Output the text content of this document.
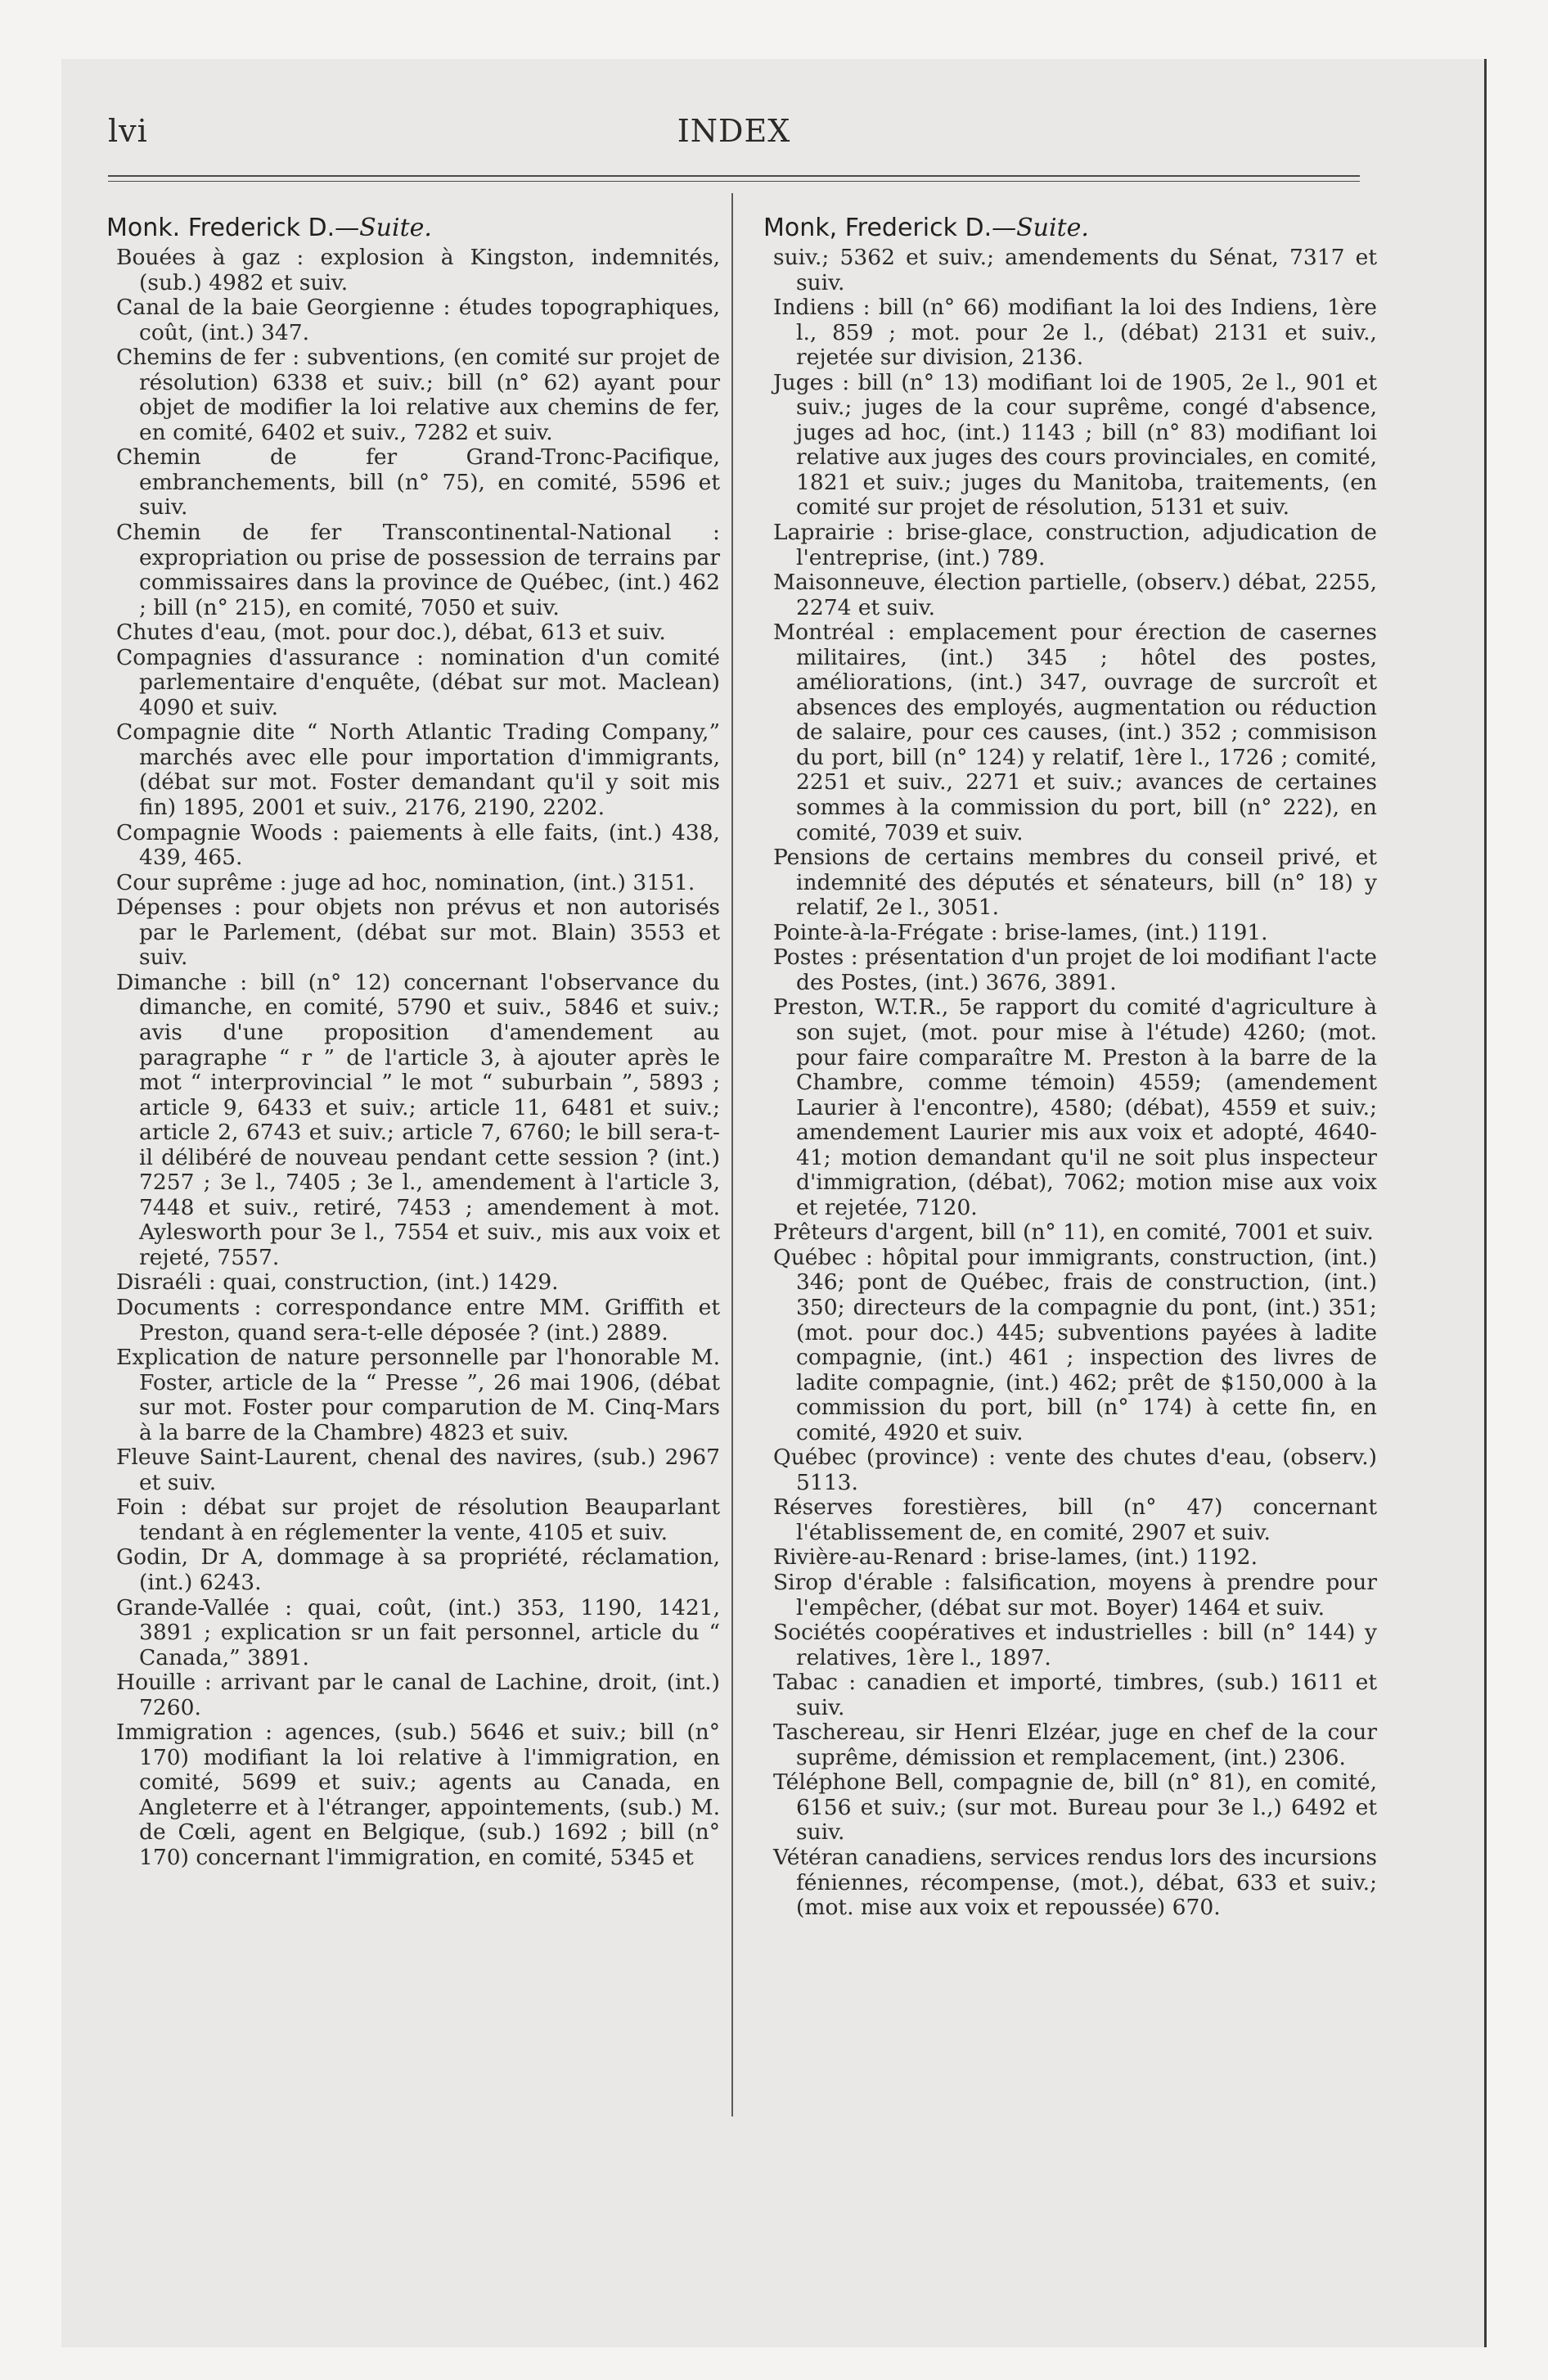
lvi	INDEX

Monk. Frederick D.—Suite.

Bouées à gaz : explosion à Kingston, indemnités, (sub.) 4982 et suiv.

Canal de la baie Georgienne : études topographiques, coût, (int.) 347.

Chemins de fer : subventions, (en comité sur projet de résolution) 6338 et suiv.; bill (n° 62) ayant pour objet de modifier la loi relative aux chemins de fer, en comité, 6402 et suiv., 7282 et suiv.

Chemin de fer Grand-Tronc-Pacifique, embranchements, bill (n° 75), en comité, 5596 et suiv.

Chemin de fer Transcontinental-National : expropriation ou prise de possession de terrains par commissaires dans la province de Québec, (int.) 462 ; bill (n° 215), en comité, 7050 et suiv.

Chutes d'eau, (mot. pour doc.), débat, 613 et suiv.

Compagnies d'assurance : nomination d'un comité parlementaire d'enquête, (débat sur mot. Maclean) 4090 et suiv.

Compagnie dite “ North Atlantic Trading Company,” marchés avec elle pour importation d'immigrants, (débat sur mot. Foster demandant qu'il y soit mis fin) 1895, 2001 et suiv., 2176, 2190, 2202.

Compagnie Woods : paiements à elle faits, (int.) 438, 439, 465.

Cour suprême : juge ad hoc, nomination, (int.) 3151.

Dépenses : pour objets non prévus et non autorisés par le Parlement, (débat sur mot. Blain) 3553 et suiv.

Dimanche : bill (n° 12) concernant l'observance du dimanche, en comité, 5790 et suiv., 5846 et suiv.; avis d'une proposition d'amendement au paragraphe “ r ” de l'article 3, à ajouter après le mot “ interprovincial ” le mot “ suburbain ”, 5893 ; article 9, 6433 et suiv.; article 11, 6481 et suiv.; article 2, 6743 et suiv.; article 7, 6760; le bill sera-t-il délibéré de nouveau pendant cette session ? (int.) 7257 ; 3e l., 7405 ; 3e l., amendement à l'article 3, 7448 et suiv., retiré, 7453 ; amendement à mot. Aylesworth pour 3e l., 7554 et suiv., mis aux voix et rejeté, 7557.

Disraéli : quai, construction, (int.) 1429.

Documents : correspondance entre MM. Griffith et Preston, quand sera-t-elle déposée ? (int.) 2889.

Explication de nature personnelle par l'honorable M. Foster, article de la “ Presse ”, 26 mai 1906, (débat sur mot. Foster pour comparution de M. Cinq-Mars à la barre de la Chambre) 4823 et suiv.

Fleuve Saint-Laurent, chenal des navires, (sub.) 2967 et suiv.

Foin : débat sur projet de résolution Beauparlant tendant à en réglementer la vente, 4105 et suiv.

Godin, Dr A, dommage à sa propriété, réclamation, (int.) 6243.

Grande-Vallée : quai, coût, (int.) 353, 1190, 1421, 3891 ; explication sr un fait personnel, article du “ Canada,” 3891.

Houille : arrivant par le canal de Lachine, droit, (int.) 7260.

Immigration : agences, (sub.) 5646 et suiv.; bill (n° 170) modifiant la loi relative à l'immigration, en comité, 5699 et suiv.; agents au Canada, en Angleterre et à l'étranger, appointements, (sub.) M. de Cœli, agent en Belgique, (sub.) 1692 ; bill (n° 170) concernant l'immigration, en comité, 5345 et

Monk, Frederick D.—Suite.

suiv.; 5362 et suiv.; amendements du Sénat, 7317 et suiv.

Indiens : bill (n° 66) modifiant la loi des Indiens, 1ère l., 859 ; mot. pour 2e l., (débat) 2131 et suiv., rejetée sur division, 2136.

Juges : bill (n° 13) modifiant loi de 1905, 2e l., 901 et suiv.; juges de la cour suprême, congé d'absence, juges ad hoc, (int.) 1143 ; bill (n° 83) modifiant loi relative aux juges des cours provinciales, en comité, 1821 et suiv.; juges du Manitoba, traitements, (en comité sur projet de résolution, 5131 et suiv.

Laprairie : brise-glace, construction, adjudication de l'entreprise, (int.) 789.

Maisonneuve, élection partielle, (observ.) débat, 2255, 2274 et suiv.

Montréal : emplacement pour érection de casernes militaires, (int.) 345 ; hôtel des postes, améliorations, (int.) 347, ouvrage de surcroît et absences des employés, augmentation ou réduction de salaire, pour ces causes, (int.) 352 ; commisison du port, bill (n° 124) y relatif, 1ère l., 1726 ; comité, 2251 et suiv., 2271 et suiv.; avances de certaines sommes à la commission du port, bill (n° 222), en comité, 7039 et suiv.

Pensions de certains membres du conseil privé, et indemnité des députés et sénateurs, bill (n° 18) y relatif, 2e l., 3051.

Pointe-à-la-Frégate : brise-lames, (int.) 1191.

Postes : présentation d'un projet de loi modifiant l'acte des Postes, (int.) 3676, 3891.

Preston, W.T.R., 5e rapport du comité d'agriculture à son sujet, (mot. pour mise à l'étude) 4260; (mot. pour faire comparaître M. Preston à la barre de la Chambre, comme témoin) 4559; (amendement Laurier à l'encontre), 4580; (débat), 4559 et suiv.; amendement Laurier mis aux voix et adopté, 4640-41; motion demandant qu'il ne soit plus inspecteur d'immigration, (débat), 7062; motion mise aux voix et rejetée, 7120.

Prêteurs d'argent, bill (n° 11), en comité, 7001 et suiv.

Québec : hôpital pour immigrants, construction, (int.) 346; pont de Québec, frais de construction, (int.) 350; directeurs de la compagnie du pont, (int.) 351; (mot. pour doc.) 445; subventions payées à ladite compagnie, (int.) 461 ; inspection des livres de ladite compagnie, (int.) 462; prêt de $150,000 à la commission du port, bill (n° 174) à cette fin, en comité, 4920 et suiv.

Québec (province) : vente des chutes d'eau, (observ.) 5113.

Réserves forestières, bill (n° 47) concernant l'établissement de, en comité, 2907 et suiv.

Rivière-au-Renard : brise-lames, (int.) 1192.

Sirop d'érable : falsification, moyens à prendre pour l'empêcher, (débat sur mot. Boyer) 1464 et suiv.

Sociétés coopératives et industrielles : bill (n° 144) y relatives, 1ère l., 1897.

Tabac : canadien et importé, timbres, (sub.) 1611 et suiv.

Taschereau, sir Henri Elzéar, juge en chef de la cour suprême, démission et remplacement, (int.) 2306.

Téléphone Bell, compagnie de, bill (n° 81), en comité, 6156 et suiv.; (sur mot. Bureau pour 3e l.,) 6492 et suiv.

Vétéran canadiens, services rendus lors des incursions féniennes, récompense, (mot.), débat, 633 et suiv.; (mot. mise aux voix et repoussée) 670.
